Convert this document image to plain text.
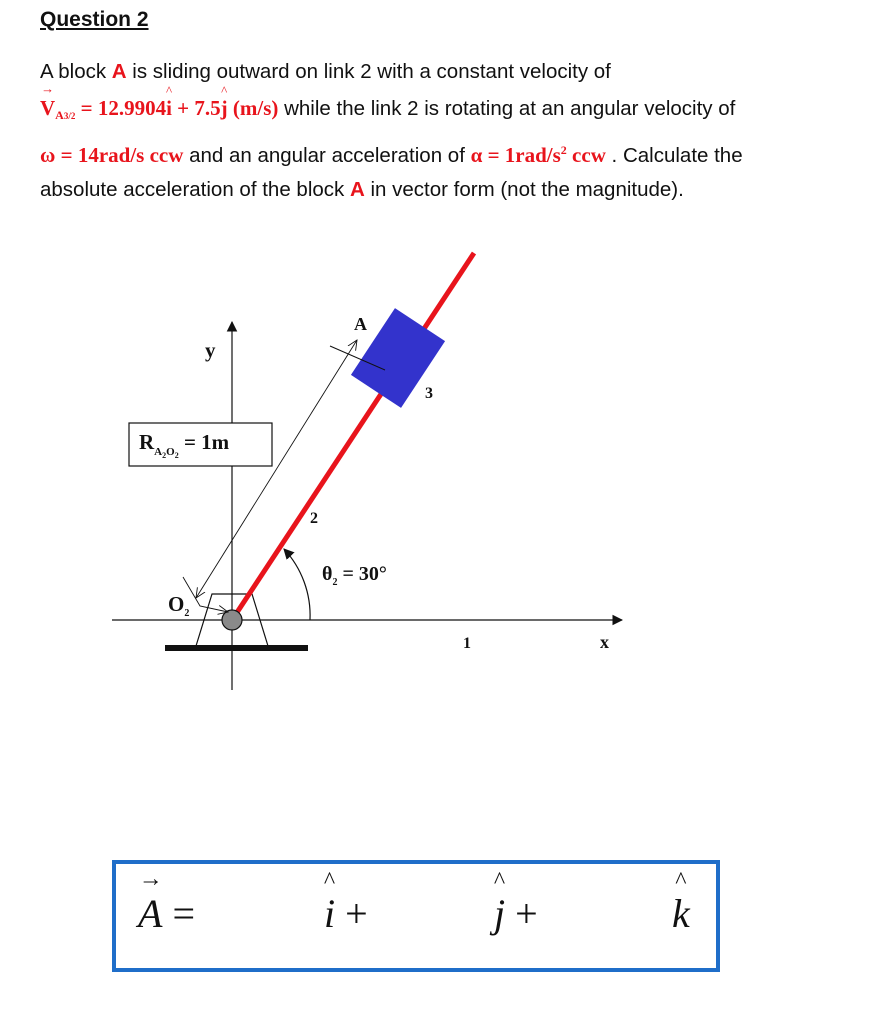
Question 2
A block A is sliding outward on link 2 with a constant velocity of
$V \to_{A3/2} = 12.9904i$ ^ + 7.5j ^ (m/s) while the link 2 is rotating at an angular velocity of
ω = 14rad/s ccw and an angular acceleration of $\alpha = 1rad/s^2$ ccw . Calculate the
absolute acceleration of the block A in vector form (not the magnitude).
$R_A2O2 = 1m$
y
x
A
3
2
1
$O_2$
$\theta_2 = 30^\circ$
A → =	i ^ +	j ^ +	k ^
